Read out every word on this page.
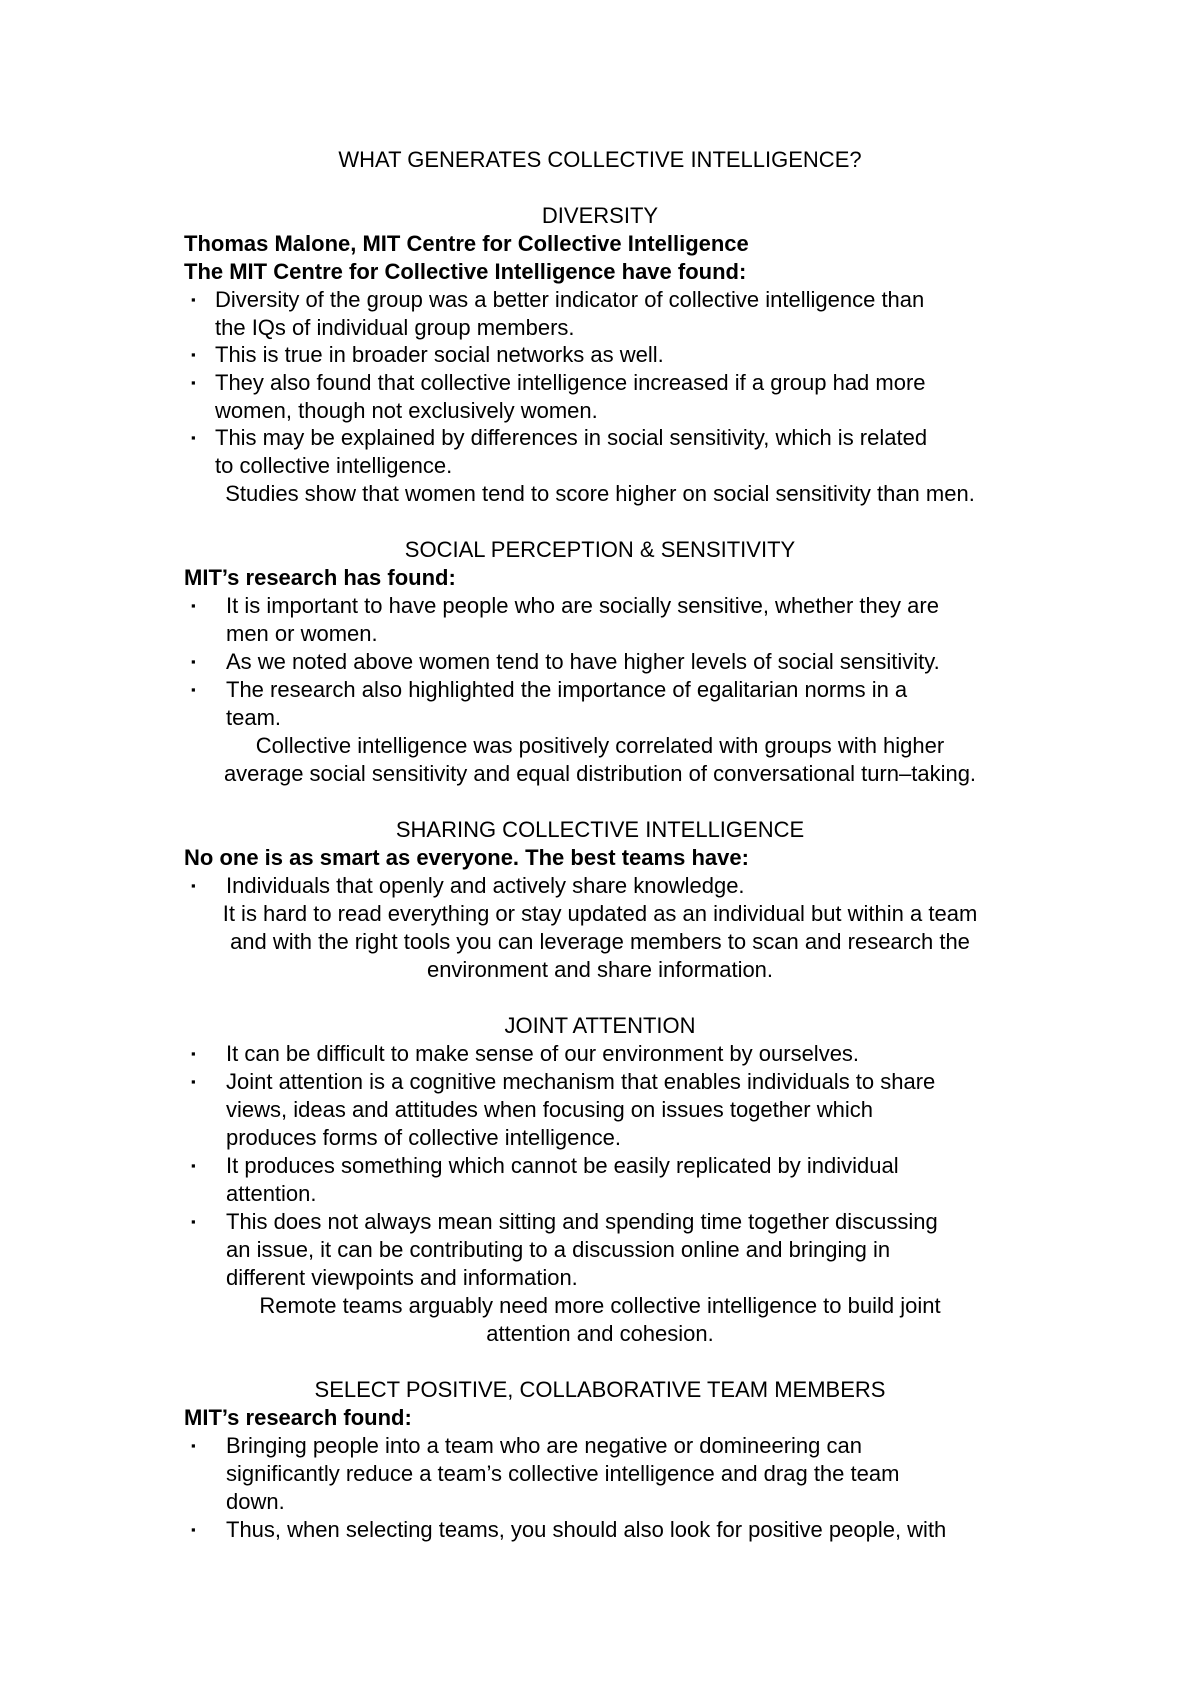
WHAT GENERATES COLLECTIVE INTELLIGENCE?
DIVERSITY
Thomas Malone, MIT Centre for Collective Intelligence
The MIT Centre for Collective Intelligence have found:
▪ Diversity of the group was a better indicator of collective intelligence than
the IQs of individual group members.
▪ This is true in broader social networks as well.
▪ They also found that collective intelligence increased if a group had more
women, though not exclusively women.
▪ This may be explained by differences in social sensitivity, which is related
to collective intelligence.
Studies show that women tend to score higher on social sensitivity than men.
SOCIAL PERCEPTION & SENSITIVITY
MIT’s research has found:
▪ It is important to have people who are socially sensitive, whether they are
men or women.
▪ As we noted above women tend to have higher levels of social sensitivity.
▪ The research also highlighted the importance of egalitarian norms in a
team.
Collective intelligence was positively correlated with groups with higher
average social sensitivity and equal distribution of conversational turn–taking.
SHARING COLLECTIVE INTELLIGENCE
No one is as smart as everyone. The best teams have:
▪ Individuals that openly and actively share knowledge.
It is hard to read everything or stay updated as an individual but within a team
and with the right tools you can leverage members to scan and research the
environment and share information.
JOINT ATTENTION
▪ It can be difficult to make sense of our environment by ourselves.
▪ Joint attention is a cognitive mechanism that enables individuals to share
views, ideas and attitudes when focusing on issues together which
produces forms of collective intelligence.
▪ It produces something which cannot be easily replicated by individual
attention.
▪ This does not always mean sitting and spending time together discussing
an issue, it can be contributing to a discussion online and bringing in
different viewpoints and information.
Remote teams arguably need more collective intelligence to build joint
attention and cohesion.
SELECT POSITIVE, COLLABORATIVE TEAM MEMBERS
MIT’s research found:
▪ Bringing people into a team who are negative or domineering can
significantly reduce a team’s collective intelligence and drag the team
down.
▪ Thus, when selecting teams, you should also look for positive people, with
